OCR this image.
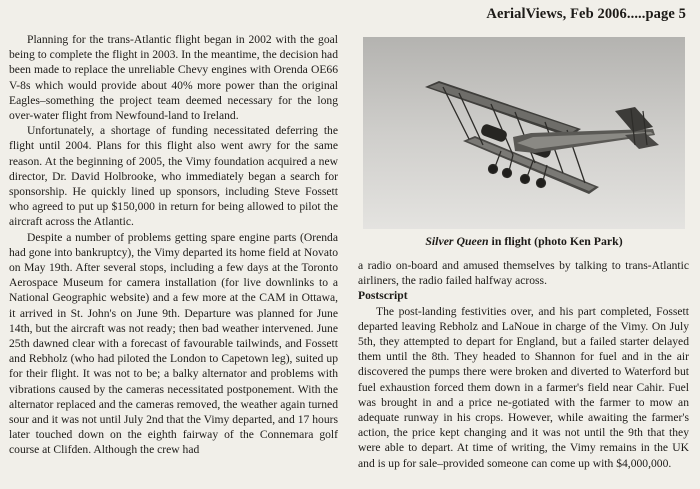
AerialViews, Feb 2006.....page 5

Planning for the trans-Atlantic flight began in 2002 with the goal being to complete the flight in 2003. In the meantime, the decision had been made to replace the unreliable Chevy engines with Orenda OE66 V-8s which would provide about 40% more power than the original Eagles–something the project team deemed necessary for the long over-water flight from Newfound-land to Ireland.

Unfortunately, a shortage of funding necessitated deferring the flight until 2004. Plans for this flight also went awry for the same reason. At the beginning of 2005, the Vimy foundation acquired a new director, Dr. David Holbrooke, who immediately began a search for sponsorship. He quickly lined up sponsors, including Steve Fossett who agreed to put up $150,000 in return for being allowed to pilot the aircraft across the Atlantic.

Despite a number of problems getting spare engine parts (Orenda had gone into bankruptcy), the Vimy departed its home field at Novato on May 19th. After several stops, including a few days at the Toronto Aerospace Museum for camera installation (for live downlinks to a National Geographic website) and a few more at the CAM in Ottawa, it arrived in St. John's on June 9th. Departure was planned for June 14th, but the aircraft was not ready; then bad weather intervened. June 25th dawned clear with a forecast of favourable tailwinds, and Fossett and Rebholz (who had piloted the London to Capetown leg), suited up for their flight. It was not to be; a balky alternator and problems with vibrations caused by the cameras necessitated postponement. With the alternator replaced and the cameras removed, the weather again turned sour and it was not until July 2nd that the Vimy departed, and 17 hours later touched down on the eighth fairway of the Connemara golf course at Clifden. Although the crew had

Silver Queen in flight (photo Ken Park)

a radio on-board and amused themselves by talking to trans-Atlantic airliners, the radio failed halfway across.

Postscript

The post-landing festivities over, and his part completed, Fossett departed leaving Rebholz and LaNoue in charge of the Vimy. On July 5th, they attempted to depart for England, but a failed starter delayed them until the 8th. They headed to Shannon for fuel and in the air discovered the pumps there were broken and diverted to Waterford but fuel exhaustion forced them down in a farmer's field near Cahir. Fuel was brought in and a price ne-gotiated with the farmer to mow an adequate runway in his crops. However, while awaiting the farmer's action, the price kept changing and it was not until the 9th that they were able to depart. At time of writing, the Vimy remains in the UK and is up for sale–provided someone can come up with $4,000,000.
